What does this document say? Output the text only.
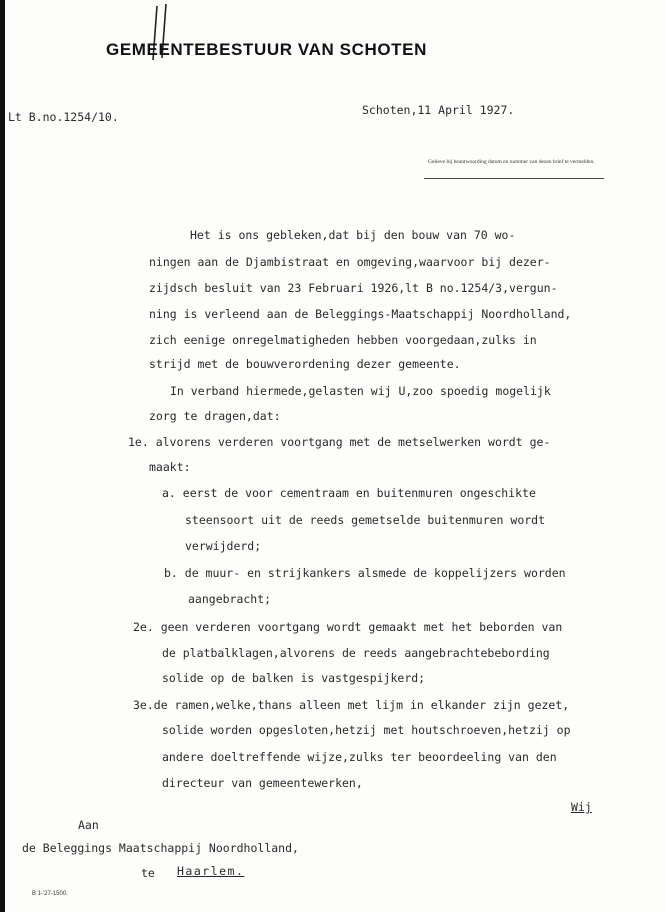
GEMEENTEBESTUUR VAN SCHOTEN
Lt B.no.1254/10.	Schoten,11 April 1927.
Gelieve bij beantwoording datum en nummer van dezen brief te vermelden.
Het is ons gebleken,dat bij den bouw van 70 wo-
ningen aan de Djambistraat en omgeving,waarvoor bij dezer-
zijdsch besluit van 23 Februari 1926,lt B no.1254/3,vergun-
ning is verleend aan de Beleggings-Maatschappij Noordholland,
zich eenige onregelmatigheden hebben voorgedaan,zulks in
strijd met de bouwverordening dezer gemeente.
In verband hiermede,gelasten wij U,zoo spoedig mogelijk
zorg te dragen,dat:
1e. alvorens verderen voortgang met de metselwerken wordt ge-
maakt:
a. eerst de voor cementraam en buitenmuren ongeschikte
steensoort uit de reeds gemetselde buitenmuren wordt
verwijderd;
b. de muur- en strijkankers alsmede de koppelijzers worden
aangebracht;
2e. geen verderen voortgang wordt gemaakt met het beborden van
de platbalklagen,alvorens de reeds aangebrachtebebording
solide op de balken is vastgespijkerd;
3e.de ramen,welke,thans alleen met lijm in elkander zijn gezet,
solide worden opgesloten,hetzij met houtschroeven,hetzij op
andere doeltreffende wijze,zulks ter beoordeeling van den
directeur van gemeentewerken,
Wij
Aan
de Beleggings Maatschappij Noordholland,
te Haarlem.
B 1-'27-1500.
